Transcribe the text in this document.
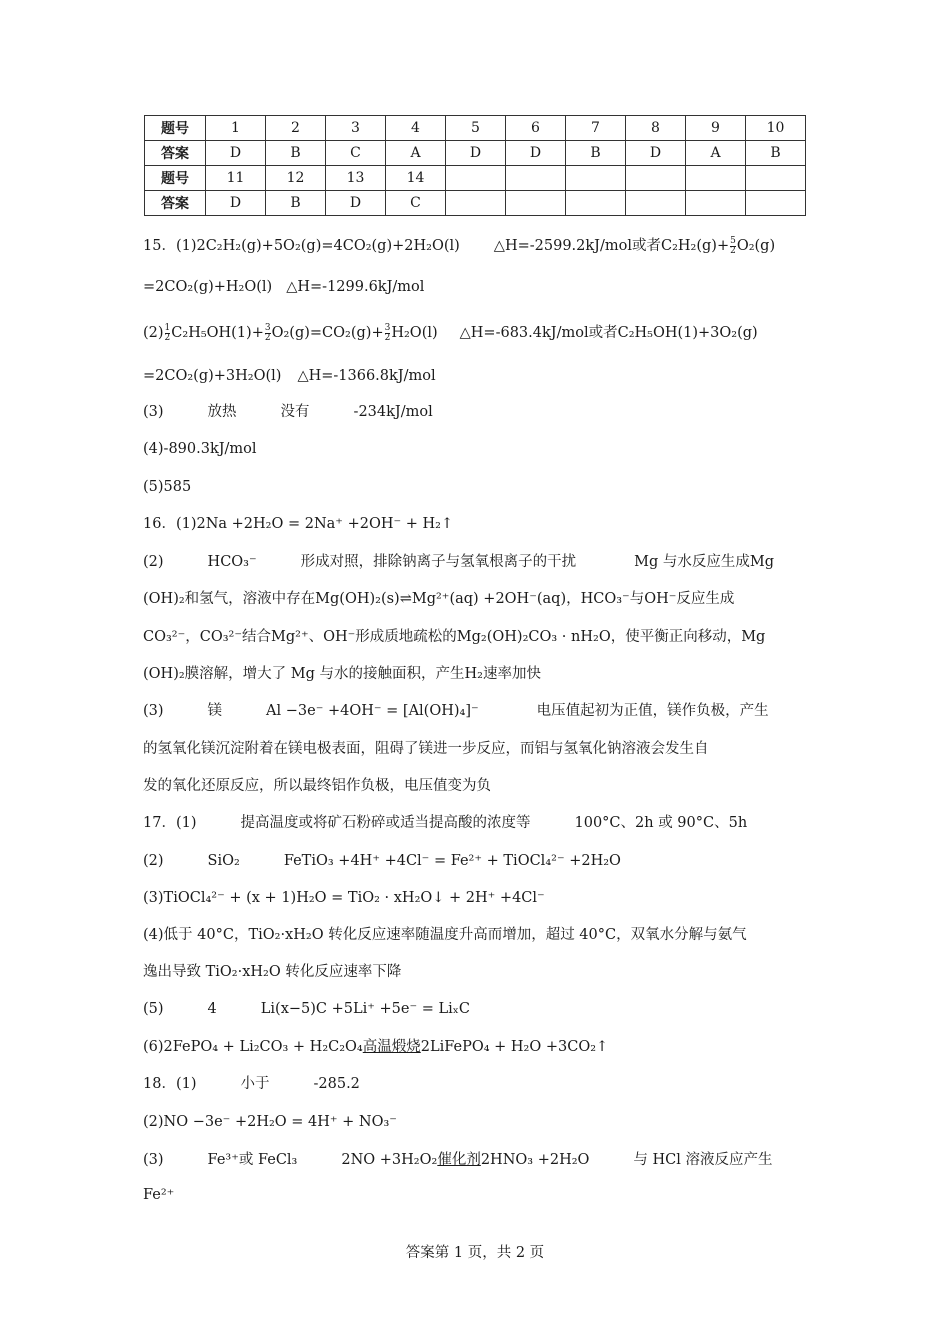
题号	1	2	3	4	5	6	7	8	9	10
答案	D	B	C	A	D	D	B	D	A	B
题号	11	12	13	14						
答案	D	B	D	C						
15．(1)2C₂H₂(g)+5O₂(g)=4CO₂(g)+2H₂O(l) △H=-2599.2kJ/mol或者$C_2H_2(g)+ \frac{5}{2} O_2(g)$
=2CO₂(g)+H₂O(l) △H=-1299.6kJ/mol
$(2) \frac{1}{2} C_2H_5OH(1)+ \frac{3}{2} O_2(g)=CO_2(g)+ \frac{3}{2} H_2O(l)$ △H=-683.4kJ/mol或者C₂H₅OH(1)+3O₂(g)
=2CO₂(g)+3H₂O(l) △H=-1366.8kJ/mol
(3)	放热	没有	-234kJ/mol
(4)-890.3kJ/mol
(5)585
16．(1)2Na +2H₂O = 2Na⁺ +2OH⁻ + H₂↑
(2)	HCO₃⁻	形成对照，排除钠离子与氢氧根离子的干扰	Mg 与水反应生成Mg
(OH)₂和氢气，溶液中存在Mg(OH)₂(s)⇌Mg²⁺(aq) +2OH⁻(aq)，HCO₃⁻与OH⁻反应生成
CO₃²⁻，CO₃²⁻结合Mg²⁺、OH⁻形成质地疏松的Mg₂(OH)₂CO₃ · nH₂O，使平衡正向移动，Mg
(OH)₂膜溶解，增大了 Mg 与水的接触面积，产生H₂速率加快
(3)	镁	Al −3e⁻ +4OH⁻ = [Al(OH)₄]⁻	电压值起初为正值，镁作负极，产生
的氢氧化镁沉淀附着在镁电极表面，阻碍了镁进一步反应，而铝与氢氧化钠溶液会发生自
发的氧化还原反应，所以最终铝作负极，电压值变为负
17．(1)	提高温度或将矿石粉碎或适当提高酸的浓度等	100°C、2h 或 90°C、5h
(2)	SiO₂	FeTiO₃ +4H⁺ +4Cl⁻ = Fe²⁺ + TiOCl₄²⁻ +2H₂O
(3)TiOCl₄²⁻ + (x + 1)H₂O = TiO₂ · xH₂O↓ + 2H⁺ +4Cl⁻
(4)低于 40°C，TiO₂·xH₂O 转化反应速率随温度升高而增加，超过 40°C，双氧水分解与氨气
逸出导致 TiO₂·xH₂O 转化反应速率下降
(5)	4	Li(x−5)C +5Li⁺ +5e⁻ = LiₓC
(6)2FePO₄ + Li₂CO₃ + H₂C₂O₄高温煅烧2LiFePO₄ + H₂O +3CO₂↑
18．(1)	小于	-285.2
(2)NO −3e⁻ +2H₂O = 4H⁺ + NO₃⁻
(3)	Fe³⁺或 FeCl₃	2NO +3H₂O₂催化剂2HNO₃ +2H₂O	与 HCl 溶液反应产生
Fe²⁺
答案第 1 页，共 2 页
